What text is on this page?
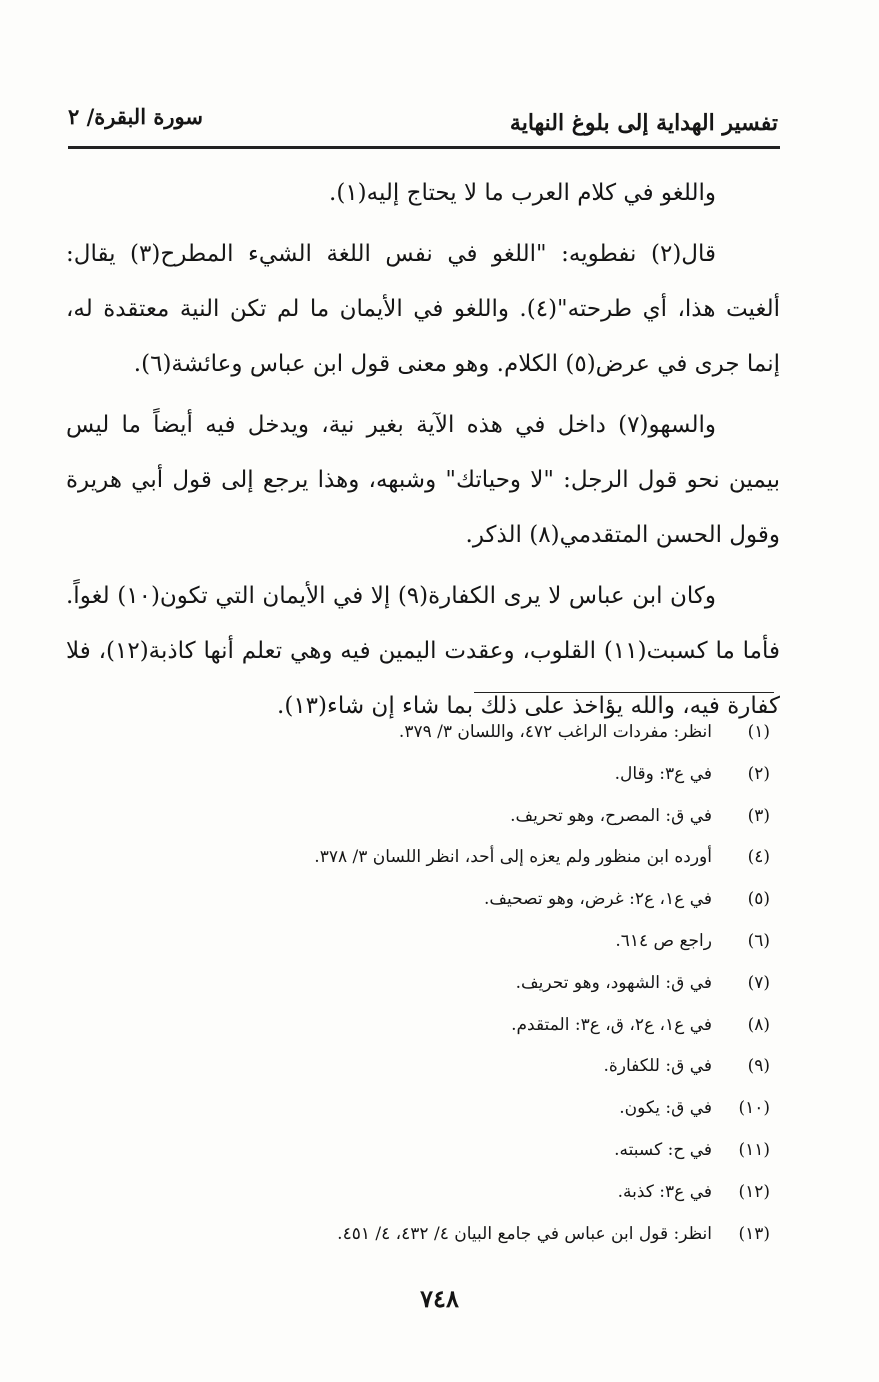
تفسير الهداية إلى بلوغ النهاية
سورة البقرة/ ٢

واللغو في كلام العرب ما لا يحتاج إليه(١).

قال(٢) نفطويه: "اللغو في نفس اللغة الشيء المطرح(٣) يقال: ألغيت هذا، أي طرحته"(٤). واللغو في الأيمان ما لم تكن النية معتقدة له، إنما جرى في عرض(٥) الكلام. وهو معنى قول ابن عباس وعائشة(٦).

والسهو(٧) داخل في هذه الآية بغير نية، ويدخل فيه أيضاً ما ليس بيمين نحو قول الرجل: "لا وحياتك" وشبهه، وهذا يرجع إلى قول أبي هريرة وقول الحسن المتقدمي(٨) الذكر.

وكان ابن عباس لا يرى الكفارة(٩) إلا في الأيمان التي تكون(١٠) لغواً. فأما ما كسبت(١١) القلوب، وعقدت اليمين فيه وهي تعلم أنها كاذبة(١٢)، فلا كفارة فيه، والله يؤاخذ على ذلك بما شاء إن شاء(١٣).

(١)انظر: مفردات الراغب ٤٧٢، واللسان ٣/ ٣٧٩.
(٢)في ع٣: وقال.
(٣)في ق: المصرح، وهو تحريف.
(٤)أورده ابن منظور ولم يعزه إلى أحد، انظر اللسان ٣/ ٣٧٨.
(٥)في ع١، ع٢: غرض، وهو تصحيف.
(٦)راجع ص ٦١٤.
(٧)في ق: الشهود، وهو تحريف.
(٨)في ع١، ع٢، ق، ع٣: المتقدم.
(٩)في ق: للكفارة.
(١٠)في ق: يكون.
(١١)في ح: كسبته.
(١٢)في ع٣: كذبة.
(١٣)انظر: قول ابن عباس في جامع البيان ٤/ ٤٣٢، ٤/ ٤٥١.
٧٤٨
